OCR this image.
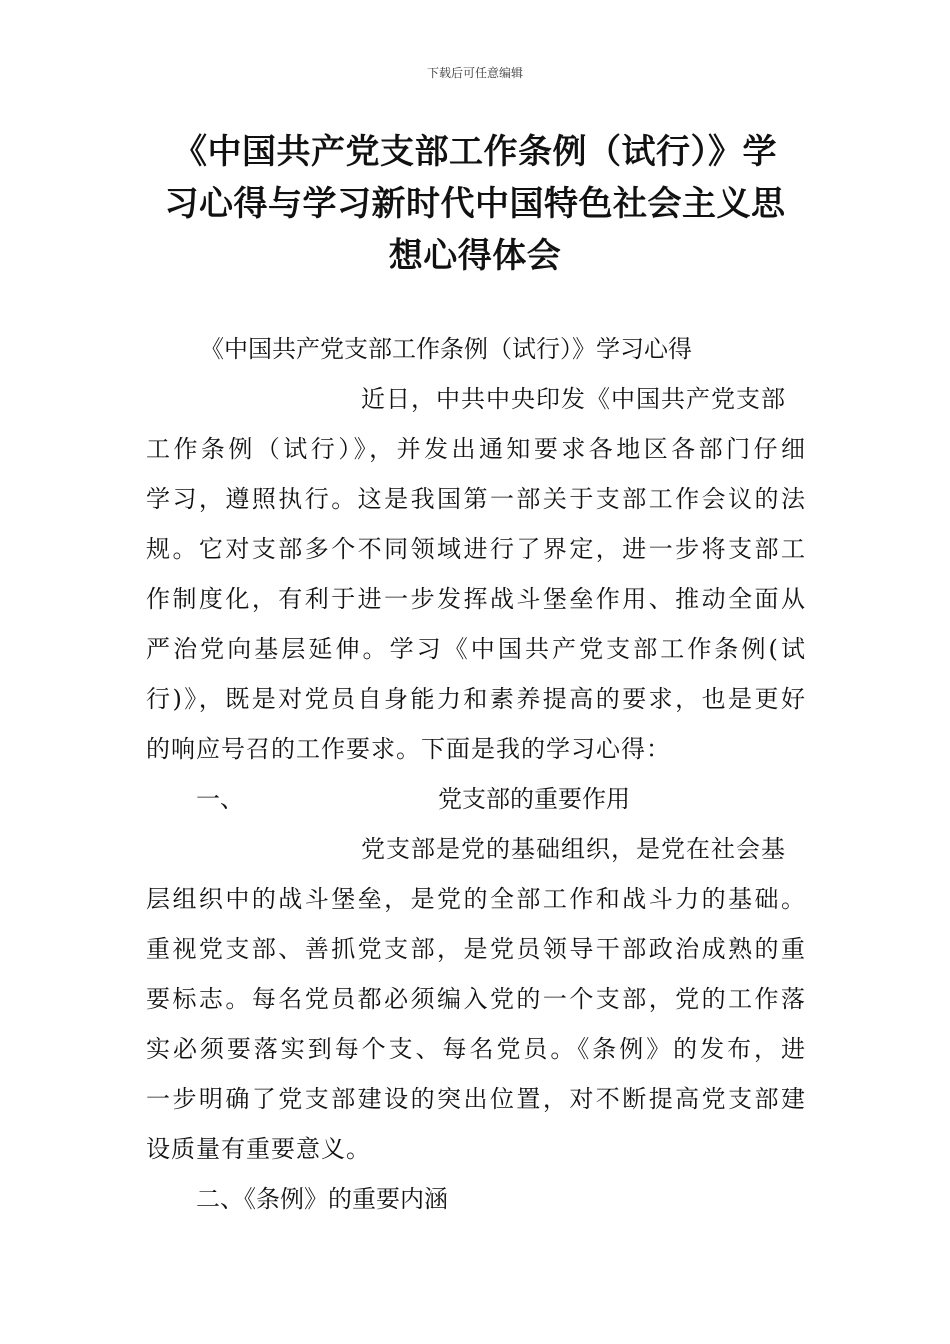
下载后可任意编辑
《中国共产党支部工作条例（试行）》学
习心得与学习新时代中国特色社会主义思
想心得体会
《中国共产党支部工作条例（试行）》学习心得
近日，中共中央印发《中国共产党支部
工作条例（试行）》，并发出通知要求各地区各部门仔细
学习，遵照执行。这是我国第一部关于支部工作会议的法
规。它对支部多个不同领域进行了界定，进一步将支部工
作制度化，有利于进一步发挥战斗堡垒作用、推动全面从
严治党向基层延伸。学习《中国共产党支部工作条例(试
行)》，既是对党员自身能力和素养提高的要求，也是更好
的响应号召的工作要求。下面是我的学习心得：
一、	党支部的重要作用
党支部是党的基础组织，是党在社会基
层组织中的战斗堡垒，是党的全部工作和战斗力的基础。
重视党支部、善抓党支部，是党员领导干部政治成熟的重
要标志。每名党员都必须编入党的一个支部，党的工作落
实必须要落实到每个支、每名党员。《条例》的发布，进
一步明确了党支部建设的突出位置，对不断提高党支部建
设质量有重要意义。
二、《条例》的重要内涵
